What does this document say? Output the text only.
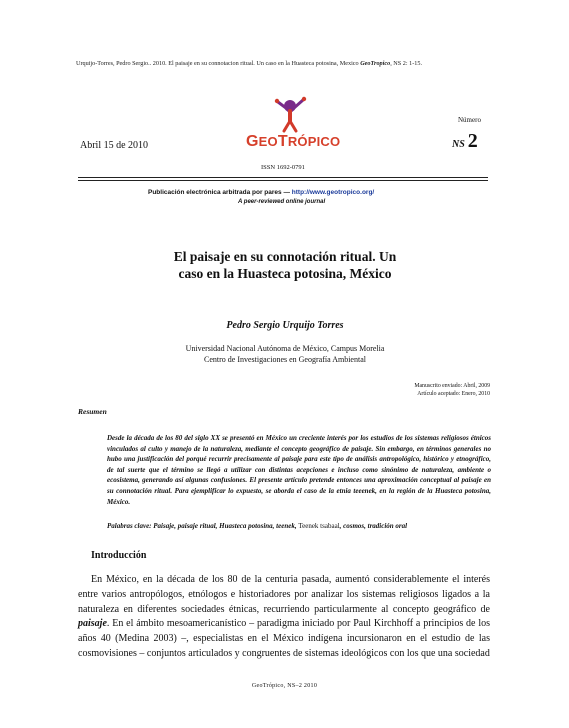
Urquijo-Torres, Pedro Sergio.. 2010. El paisaje en su connotacion ritual. Un caso en la Huasteca potosina, Mexico GeoTropico, NS 2: 1-15.
Número
Abril 15 de 2010	GEOTRÓPICO	NS 2
ISSN 1692-0791
Publicación electrónica arbitrada por pares — http://www.geotropico.org/
A peer-reviewed online journal
El paisaje en su connotación ritual. Un
caso en la Huasteca potosina, México
Pedro Sergio Urquijo Torres
Universidad Nacional Autónoma de México, Campus Morelia
Centro de Investigaciones en Geografía Ambiental
Manuscrito enviado: Abril, 2009
Artículo aceptado: Enero, 2010
Resumen

Desde la década de los 80 del siglo XX se presentó en México un creciente interés por los estudios de los sistemas religiosos étnicos vinculados al culto y manejo de la naturaleza, mediante el concepto geográfico de paisaje. Sin embargo, en términos generales no hubo una justificación del porqué recurrir precisamente al paisaje para este tipo de análisis antropológico, histórico y etnográfico, de tal suerte que el término se llegó a utilizar con distintas acepciones e incluso como sinónimo de naturaleza, ambiente o ecosistema, generando así algunas confusiones. El presente artículo pretende entonces una aproximación conceptual al paisaje en su connotación ritual. Para ejemplificar lo expuesto, se aborda el caso de la etnia teeenek, en la región de la Huasteca potosina, México.

Palabras clave: Paisaje, paisaje ritual, Huasteca potosina, teenek, Teenek tsabaal, cosmos, tradición oral

Introducción

En México, en la década de los 80 de la centuria pasada, aumentó considerablemente el interés entre varios antropólogos, etnólogos e historiadores por analizar los sistemas religiosos ligados a la naturaleza en diferentes sociedades étnicas, recurriendo particularmente al concepto geográfico de paisaje. En el ámbito mesoamericanístico – paradigma iniciado por Paul Kirchhoff a principios de los años 40 (Medina 2003) –, especialistas en el México indígena incursionaron en el estudio de las cosmovisiones – conjuntos articulados y congruentes de sistemas ideológicos con los que una sociedad

GeoTrópico, NS–2 2010
